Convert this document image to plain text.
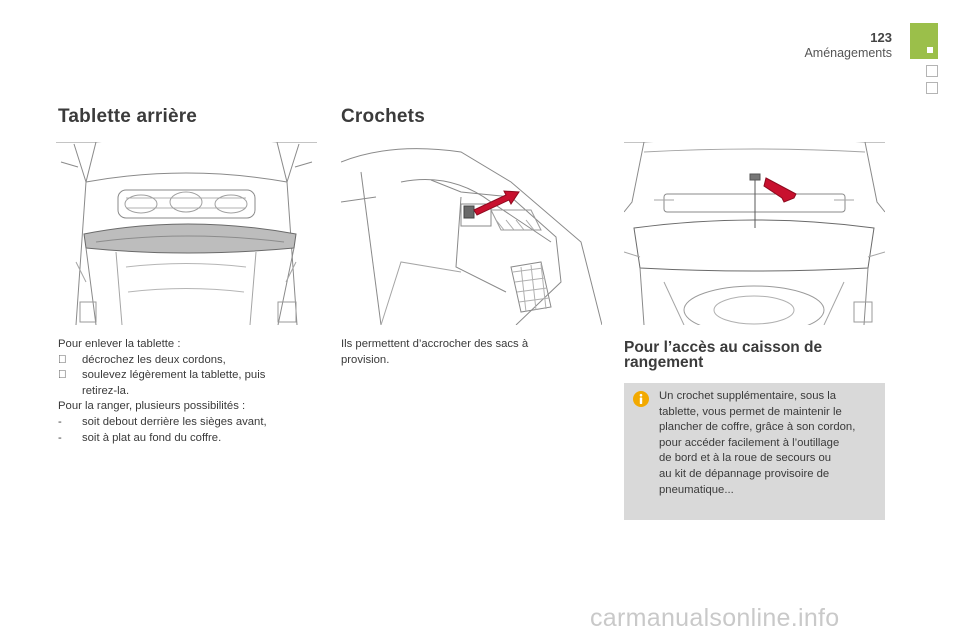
123
Aménagements
Tablette arrière	Crochets
Pour enlever la tablette :
décrochez les deux cordons,
soulevez légèrement la tablette, puis
retirez-la.
Pour la ranger, plusieurs possibilités :
-	soit debout derrière les sièges avant,
-	soit à plat au fond du coffre.
Ils permettent d’accrocher des sacs à
provision.
Pour l’accès au caisson de
rangement
Un crochet supplémentaire, sous la
tablette, vous permet de maintenir le
plancher de coffre, grâce à son cordon,
pour accéder facilement à l’outillage
de bord et à la roue de secours ou
au kit de dépannage provisoire de
pneumatique...
carmanualsonline.info
